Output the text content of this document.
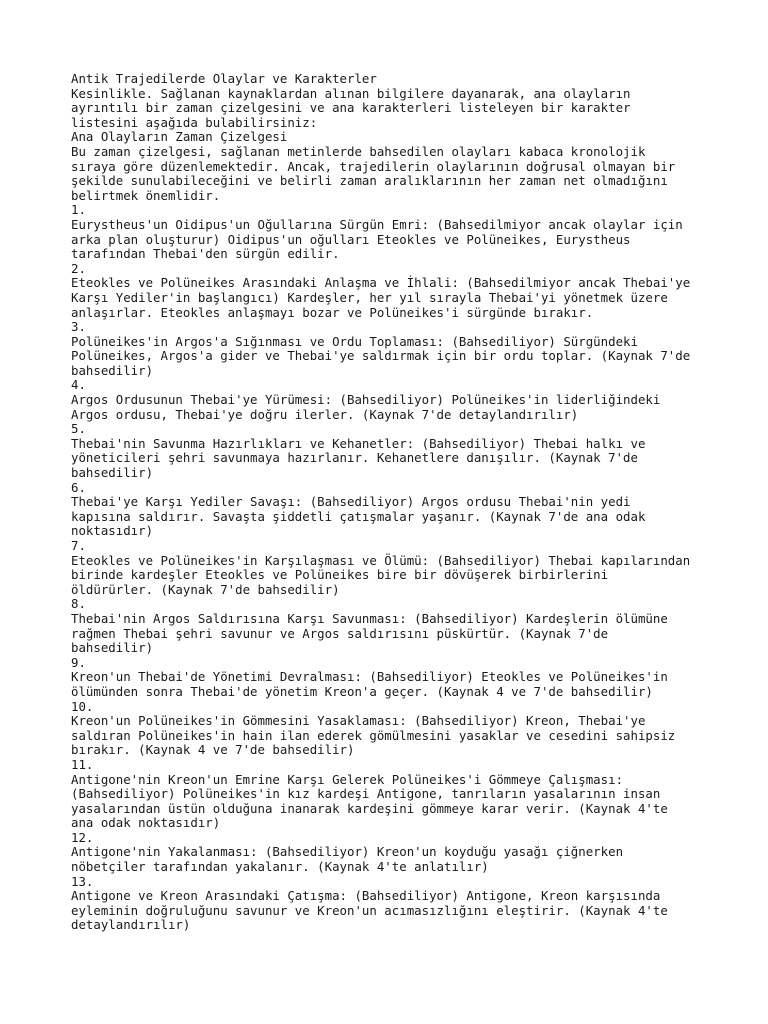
Antik Trajedilerde Olaylar ve Karakterler
Kesinlikle. Sağlanan kaynaklardan alınan bilgilere dayanarak, ana olayların
ayrıntılı bir zaman çizelgesini ve ana karakterleri listeleyen bir karakter
listesini aşağıda bulabilirsiniz:
Ana Olayların Zaman Çizelgesi
Bu zaman çizelgesi, sağlanan metinlerde bahsedilen olayları kabaca kronolojik
sıraya göre düzenlemektedir. Ancak, trajedilerin olaylarının doğrusal olmayan bir
şekilde sunulabileceğini ve belirli zaman aralıklarının her zaman net olmadığını
belirtmek önemlidir.
1.
Eurystheus'un Oidipus'un Oğullarına Sürgün Emri: (Bahsedilmiyor ancak olaylar için
arka plan oluşturur) Oidipus'un oğulları Eteokles ve Polüneikes, Eurystheus
tarafından Thebai'den sürgün edilir.
2.
Eteokles ve Polüneikes Arasındaki Anlaşma ve İhlali: (Bahsedilmiyor ancak Thebai'ye
Karşı Yediler'in başlangıcı) Kardeşler, her yıl sırayla Thebai'yi yönetmek üzere
anlaşırlar. Eteokles anlaşmayı bozar ve Polüneikes'i sürgünde bırakır.
3.
Polüneikes'in Argos'a Sığınması ve Ordu Toplaması: (Bahsediliyor) Sürgündeki
Polüneikes, Argos'a gider ve Thebai'ye saldırmak için bir ordu toplar. (Kaynak 7'de
bahsedilir)
4.
Argos Ordusunun Thebai'ye Yürümesi: (Bahsediliyor) Polüneikes'in liderliğindeki
Argos ordusu, Thebai'ye doğru ilerler. (Kaynak 7'de detaylandırılır)
5.
Thebai'nin Savunma Hazırlıkları ve Kehanetler: (Bahsediliyor) Thebai halkı ve
yöneticileri şehri savunmaya hazırlanır. Kehanetlere danışılır. (Kaynak 7'de
bahsedilir)
6.
Thebai'ye Karşı Yediler Savaşı: (Bahsediliyor) Argos ordusu Thebai'nin yedi
kapısına saldırır. Savaşta şiddetli çatışmalar yaşanır. (Kaynak 7'de ana odak
noktasıdır)
7.
Eteokles ve Polüneikes'in Karşılaşması ve Ölümü: (Bahsediliyor) Thebai kapılarından
birinde kardeşler Eteokles ve Polüneikes bire bir dövüşerek birbirlerini
öldürürler. (Kaynak 7'de bahsedilir)
8.
Thebai'nin Argos Saldırısına Karşı Savunması: (Bahsediliyor) Kardeşlerin ölümüne
rağmen Thebai şehri savunur ve Argos saldırısını püskürtür. (Kaynak 7'de
bahsedilir)
9.
Kreon'un Thebai'de Yönetimi Devralması: (Bahsediliyor) Eteokles ve Polüneikes'in
ölümünden sonra Thebai'de yönetim Kreon'a geçer. (Kaynak 4 ve 7'de bahsedilir)
10.
Kreon'un Polüneikes'in Gömmesini Yasaklaması: (Bahsediliyor) Kreon, Thebai'ye
saldıran Polüneikes'in hain ilan ederek gömülmesini yasaklar ve cesedini sahipsiz
bırakır. (Kaynak 4 ve 7'de bahsedilir)
11.
Antigone'nin Kreon'un Emrine Karşı Gelerek Polüneikes'i Gömmeye Çalışması:
(Bahsediliyor) Polüneikes'in kız kardeşi Antigone, tanrıların yasalarının insan
yasalarından üstün olduğuna inanarak kardeşini gömmeye karar verir. (Kaynak 4'te
ana odak noktasıdır)
12.
Antigone'nin Yakalanması: (Bahsediliyor) Kreon'un koyduğu yasağı çiğnerken
nöbetçiler tarafından yakalanır. (Kaynak 4'te anlatılır)
13.
Antigone ve Kreon Arasındaki Çatışma: (Bahsediliyor) Antigone, Kreon karşısında
eyleminin doğruluğunu savunur ve Kreon'un acımasızlığını eleştirir. (Kaynak 4'te
detaylandırılır)
